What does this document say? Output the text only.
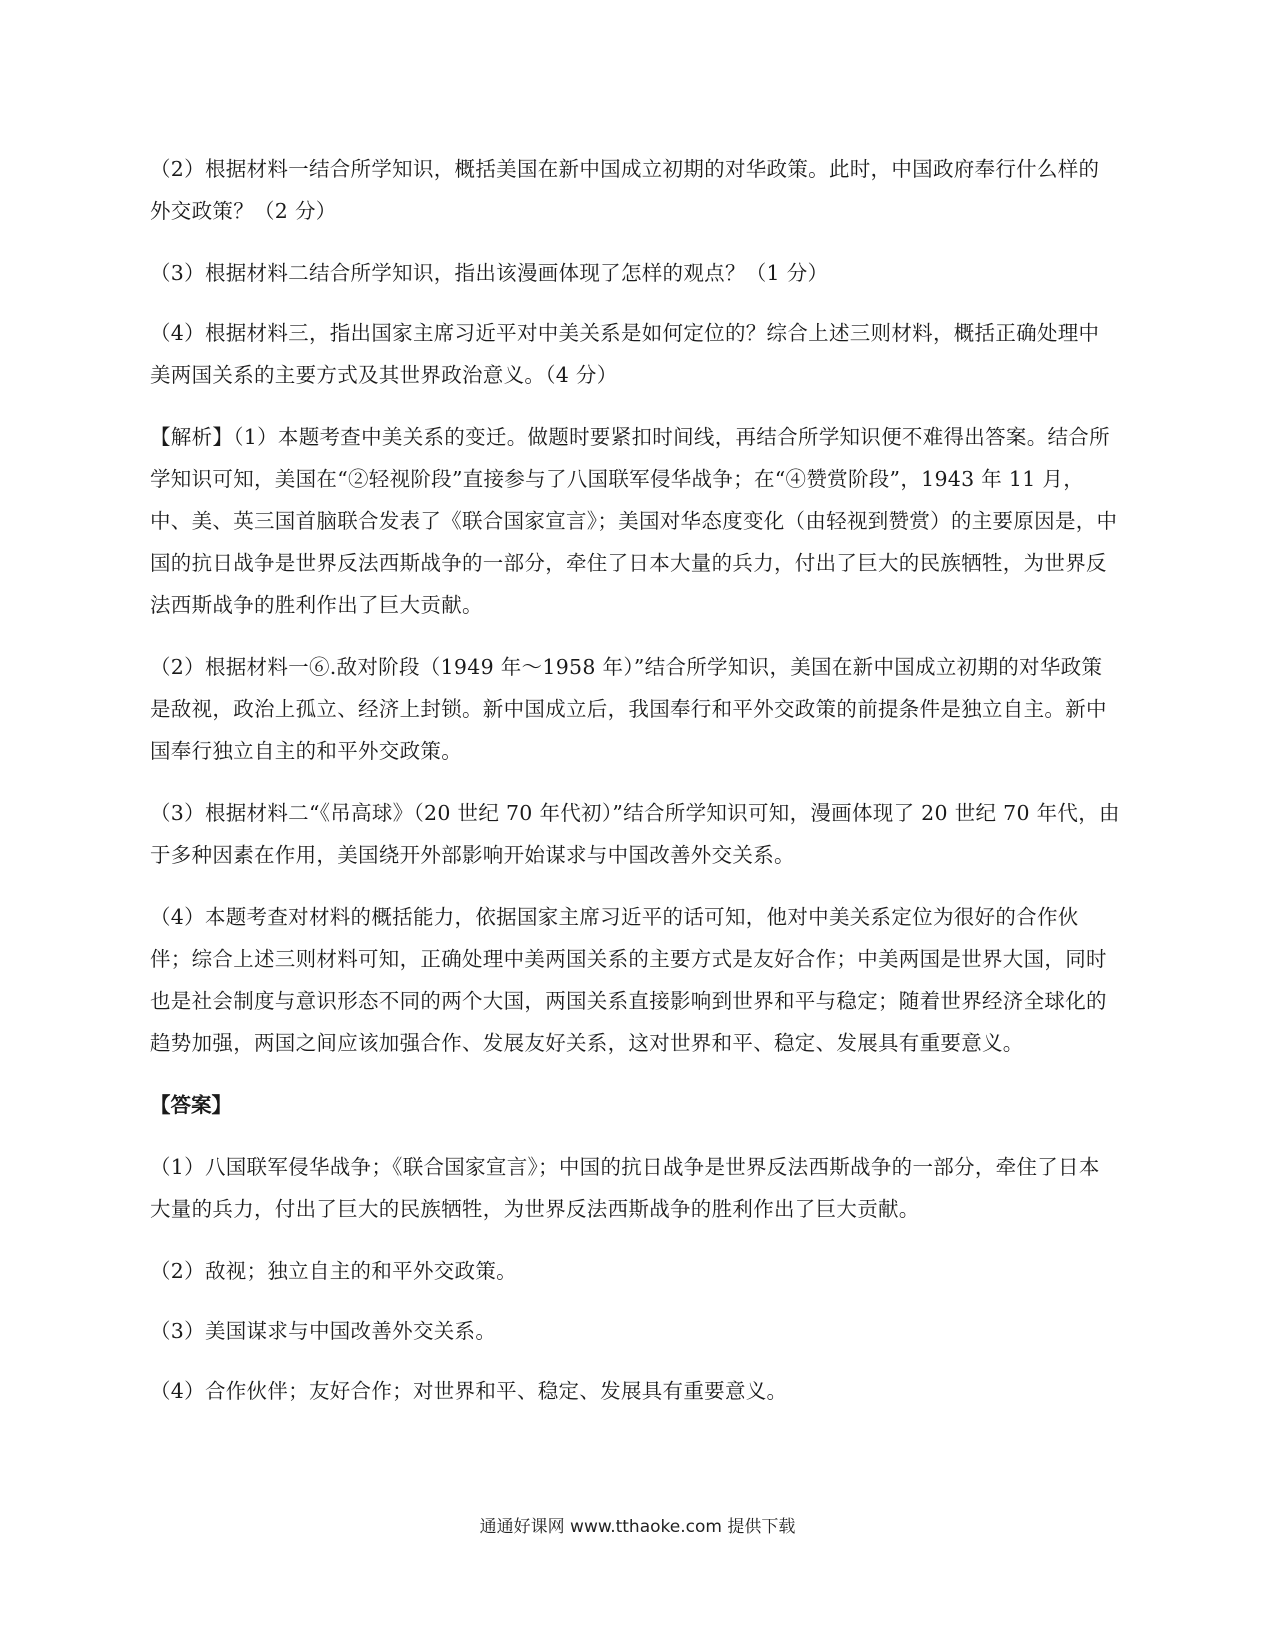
（2）根据材料一结合所学知识，概括美国在新中国成立初期的对华政策。此时，中国政府奉行什么样的外交政策？（2 分）

（3）根据材料二结合所学知识，指出该漫画体现了怎样的观点？（1 分）

（4）根据材料三，指出国家主席习近平对中美关系是如何定位的？综合上述三则材料，概括正确处理中美两国关系的主要方式及其世界政治意义。（4 分）

【解析】（1）本题考查中美关系的变迁。做题时要紧扣时间线，再结合所学知识便不难得出答案。结合所学知识可知，美国在“②轻视阶段”直接参与了八国联军侵华战争；在“④赞赏阶段”，1943 年 11 月，中、美、英三国首脑联合发表了《联合国家宣言》；美国对华态度变化（由轻视到赞赏）的主要原因是，中国的抗日战争是世界反法西斯战争的一部分，牵住了日本大量的兵力，付出了巨大的民族牺牲，为世界反法西斯战争的胜利作出了巨大贡献。

（2）根据材料一⑥.敌对阶段（1949 年～1958 年）”结合所学知识，美国在新中国成立初期的对华政策是敌视，政治上孤立、经济上封锁。新中国成立后，我国奉行和平外交政策的前提条件是独立自主。新中国奉行独立自主的和平外交政策。

（3）根据材料二“《吊高球》（20 世纪 70 年代初）”结合所学知识可知，漫画体现了 20 世纪 70 年代，由于多种因素在作用，美国绕开外部影响开始谋求与中国改善外交关系。

（4）本题考查对材料的概括能力，依据国家主席习近平的话可知，他对中美关系定位为很好的合作伙伴；综合上述三则材料可知，正确处理中美两国关系的主要方式是友好合作；中美两国是世界大国，同时也是社会制度与意识形态不同的两个大国，两国关系直接影响到世界和平与稳定；随着世界经济全球化的趋势加强，两国之间应该加强合作、发展友好关系，这对世界和平、稳定、发展具有重要意义。

【答案】

（1）八国联军侵华战争；《联合国家宣言》；中国的抗日战争是世界反法西斯战争的一部分，牵住了日本大量的兵力，付出了巨大的民族牺牲，为世界反法西斯战争的胜利作出了巨大贡献。

（2）敌视；独立自主的和平外交政策。

（3）美国谋求与中国改善外交关系。

（4）合作伙伴；友好合作；对世界和平、稳定、发展具有重要意义。

通通好课网 www.tthaoke.com 提供下载
